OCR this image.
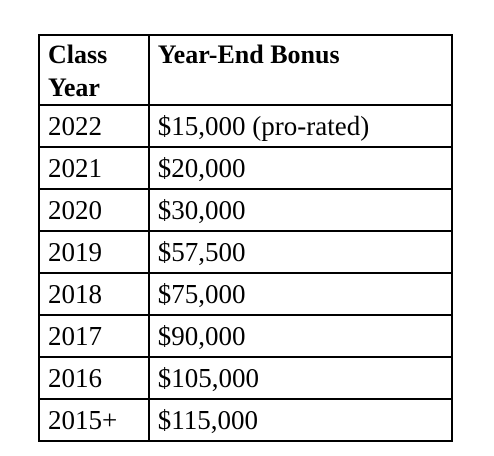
Class Year	Year-End Bonus
2022	$15,000 (pro-rated)
2021	$20,000
2020	$30,000
2019	$57,500
2018	$75,000
2017	$90,000
2016	$105,000
2015+	$115,000
